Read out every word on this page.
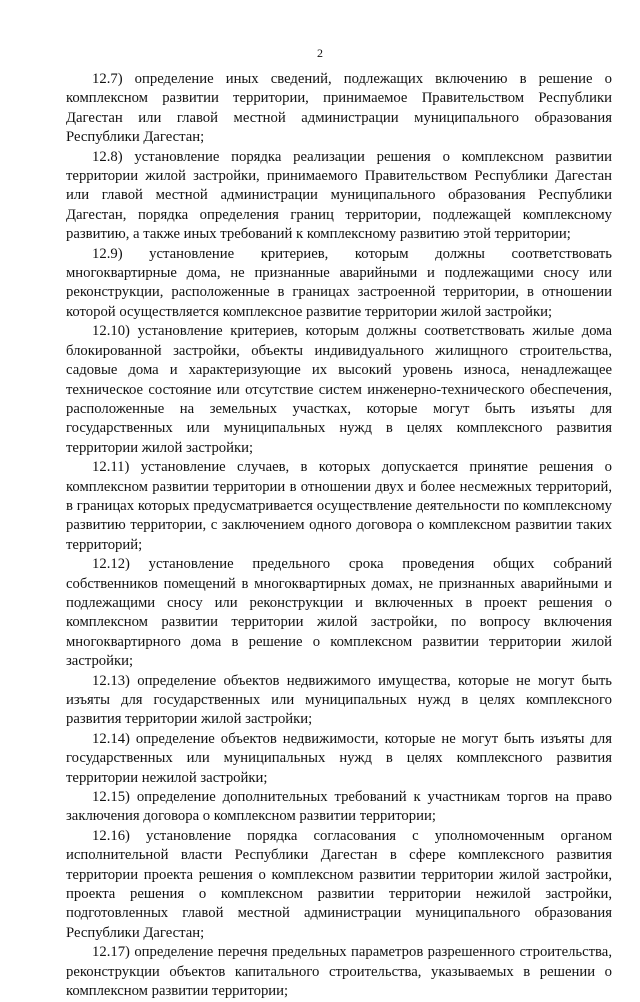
2

12.7) определение иных сведений, подлежащих включению в решение о комплексном развитии территории, принимаемое Правительством Республики Дагестан или главой местной администрации муниципального образования Республики Дагестан;

12.8) установление порядка реализации решения о комплексном развитии территории жилой застройки, принимаемого Правительством Республики Дагестан или главой местной администрации муниципального образования Республики Дагестан, порядка определения границ территории, подлежащей комплексному развитию, а также иных требований к комплексному развитию этой территории;

12.9) установление критериев, которым должны соответствовать многоквартирные дома, не признанные аварийными и подлежащими сносу или реконструкции, расположенные в границах застроенной территории, в отношении которой осуществляется комплексное развитие территории жилой застройки;

12.10) установление критериев, которым должны соответствовать жилые дома блокированной застройки, объекты индивидуального жилищного строительства, садовые дома и характеризующие их высокий уровень износа, ненадлежащее техническое состояние или отсутствие систем инженерно-технического обеспечения, расположенные на земельных участках, которые могут быть изъяты для государственных или муниципальных нужд в целях комплексного развития территории жилой застройки;

12.11) установление случаев, в которых допускается принятие решения о комплексном развитии территории в отношении двух и более несмежных территорий, в границах которых предусматривается осуществление деятельности по комплексному развитию территории, с заключением одного договора о комплексном развитии таких территорий;

12.12) установление предельного срока проведения общих собраний собственников помещений в многоквартирных домах, не признанных аварийными и подлежащими сносу или реконструкции и включенных в проект решения о комплексном развитии территории жилой застройки, по вопросу включения многоквартирного дома в решение о комплексном развитии территории жилой застройки;

12.13) определение объектов недвижимого имущества, которые не могут быть изъяты для государственных или муниципальных нужд в целях комплексного развития территории жилой застройки;

12.14) определение объектов недвижимости, которые не могут быть изъяты для государственных или муниципальных нужд в целях комплексного развития территории нежилой застройки;

12.15) определение дополнительных требований к участникам торгов на право заключения договора о комплексном развитии территории;

12.16) установление порядка согласования с уполномоченным органом исполнительной власти Республики Дагестан в сфере комплексного развития территории проекта решения о комплексном развитии территории жилой застройки, проекта решения о комплексном развитии территории нежилой застройки, подготовленных главой местной администрации муниципального образования Республики Дагестан;

12.17) определение перечня предельных параметров разрешенного строительства, реконструкции объектов капитального строительства, указываемых в решении о комплексном развитии территории;
